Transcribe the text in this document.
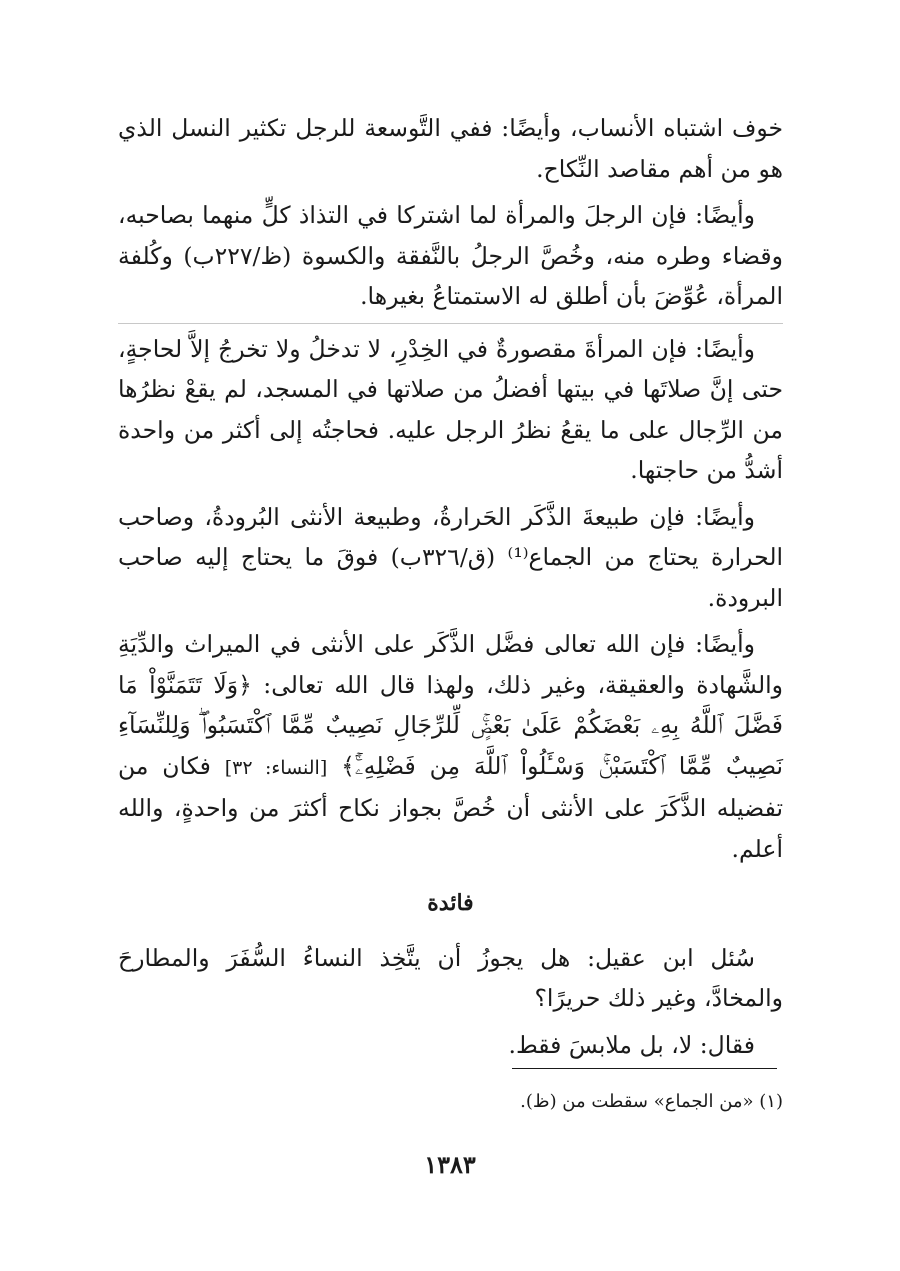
خوف اشتباه الأنساب، وأيضًا: ففي التَّوسعة للرجل تكثير النسل الذي هو من أهم مقاصد النِّكاح.

وأيضًا: فإن الرجلَ والمرأة لما اشتركا في التذاذ كلٍّ منهما بصاحبه، وقضاء وطره منه، وخُصَّ الرجلُ بالنَّفقة والكسوة (ظ/٢٢٧ب) وكُلفة المرأة، عُوِّضَ بأن أطلق له الاستمتاعُ بغيرها.

وأيضًا: فإن المرأةَ مقصورةٌ في الخِدْرِ، لا تدخلُ ولا تخرجُ إلاَّ لحاجةٍ، حتى إنَّ صلاتَها في بيتها أفضلُ من صلاتها في المسجد، لم يقعْ نظرُها من الرِّجال على ما يقعُ نظرُ الرجل عليه. فحاجتُه إلى أكثر من واحدة أشدُّ من حاجتها.

وأيضًا: فإن طبيعةَ الذَّكَر الحَرارةُ، وطبيعة الأنثى البُرودةُ، وصاحب الحرارة يحتاج من الجماع⁽¹⁾ (ق/٣٢٦ب) فوقَ ما يحتاج إليه صاحب البرودة.

وأيضًا: فإن الله تعالى فضَّل الذَّكَر على الأنثى في الميراث والدِّيَةِ والشَّهادة والعقيقة، وغير ذلك، ولهذا قال الله تعالى: ﴿وَلَا تَتَمَنَّوْاْ مَا فَضَّلَ ٱللَّهُ بِهِۦ بَعْضَكُمْ عَلَىٰ بَعْضٍۚ لِّلرِّجَالِ نَصِيبٌ مِّمَّا ٱكْتَسَبُواْۖ وَلِلنِّسَآءِ نَصِيبٌ مِّمَّا ٱكْتَسَبْنَۚ وَسْـَٔلُواْ ٱللَّهَ مِن فَضْلِهِۦٓۚ﴾ [النساء: ٣٢] فكان من تفضيله الذَّكَرَ على الأنثى أن خُصَّ بجواز نكاح أكثرَ من واحدةٍ، والله أعلم.

فائدة

سُئل ابن عقيل: هل يجوزُ أن يتَّخِذ النساءُ السُّفَرَ والمطارحَ والمخادَّ، وغير ذلك حريرًا؟

فقال: لا، بل ملابسَ فقط.

(١) «من الجماع» سقطت من (ظ).
١٣٨٣
